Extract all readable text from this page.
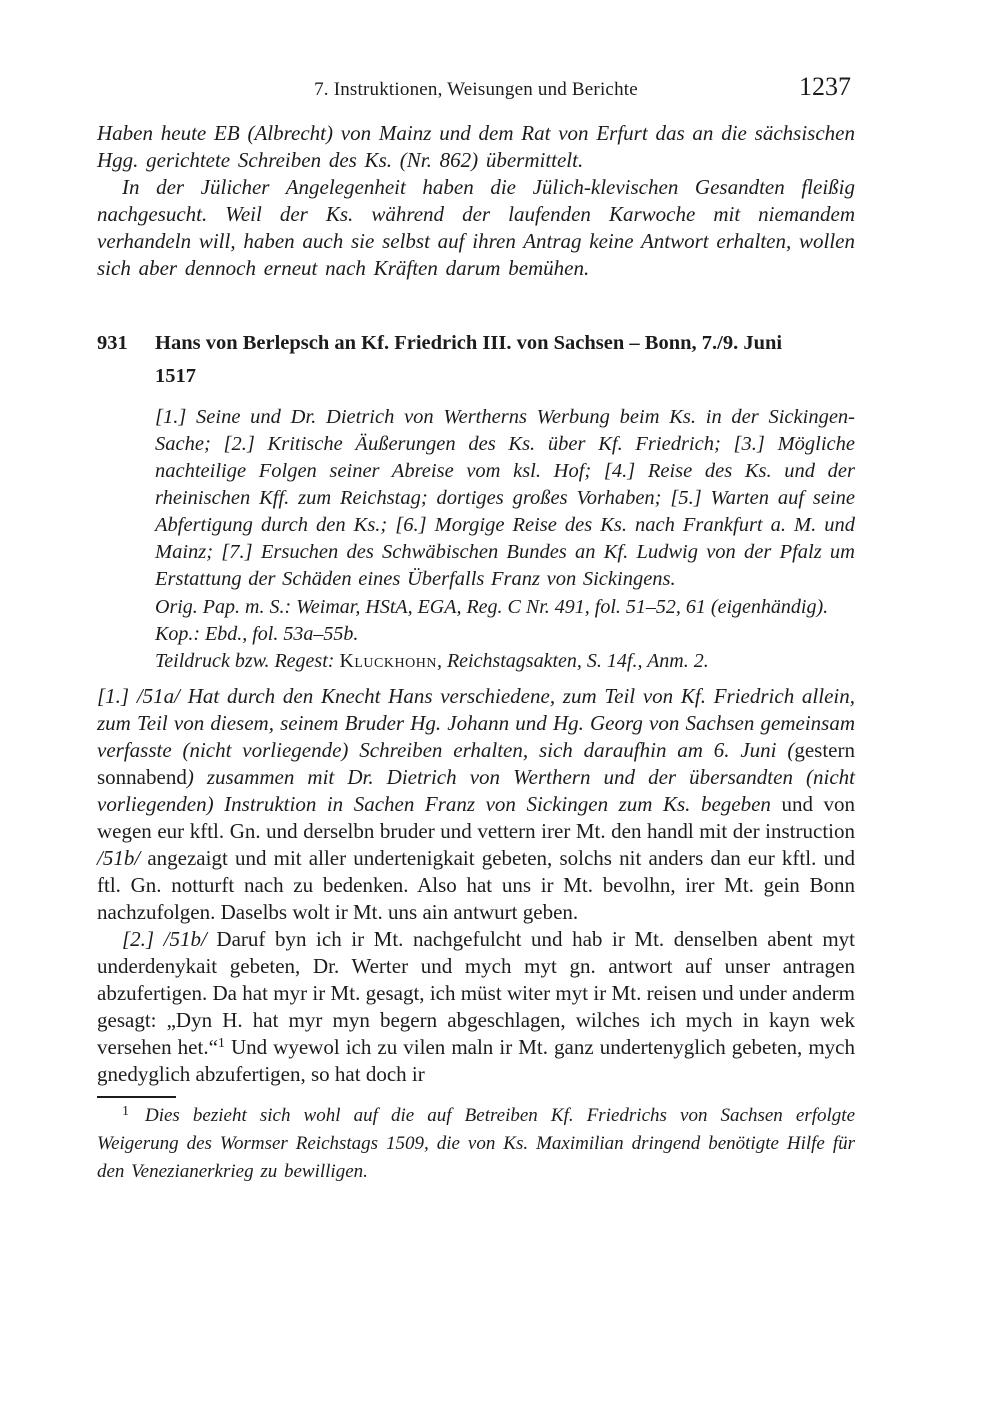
7. Instruktionen, Weisungen und Berichte	1237

Haben heute EB (Albrecht) von Mainz und dem Rat von Erfurt das an die sächsischen Hgg. gerichtete Schreiben des Ks. (Nr. 862) übermittelt.

In der Jülicher Angelegenheit haben die Jülich-klevischen Gesandten fleißig nachgesucht. Weil der Ks. während der laufenden Karwoche mit niemandem verhandeln will, haben auch sie selbst auf ihren Antrag keine Antwort erhalten, wollen sich aber dennoch erneut nach Kräften darum bemühen.

931	Hans von Berlepsch an Kf. Friedrich III. von Sachsen – Bonn, 7./9. Juni
1517
[1.] Seine und Dr. Dietrich von Wertherns Werbung beim Ks. in der Sickingen-Sache; [2.] Kritische Äußerungen des Ks. über Kf. Friedrich; [3.] Mögliche nachteilige Folgen seiner Abreise vom ksl. Hof; [4.] Reise des Ks. und der rheinischen Kff. zum Reichstag; dortiges großes Vorhaben; [5.] Warten auf seine Abfertigung durch den Ks.; [6.] Morgige Reise des Ks. nach Frankfurt a. M. und Mainz; [7.] Ersuchen des Schwäbischen Bundes an Kf. Ludwig von der Pfalz um Erstattung der Schäden eines Überfalls Franz von Sickingens.

Orig. Pap. m. S.: Weimar, HStA, EGA, Reg. C Nr. 491, fol. 51–52, 61 (eigenhändig).

Kop.: Ebd., fol. 53a–55b.

Teildruck bzw. Regest: Kluckhohn, Reichstagsakten, S. 14f., Anm. 2.

[1.] /51a/ Hat durch den Knecht Hans verschiedene, zum Teil von Kf. Friedrich allein, zum Teil von diesem, seinem Bruder Hg. Johann und Hg. Georg von Sachsen gemeinsam verfasste (nicht vorliegende) Schreiben erhalten, sich daraufhin am 6. Juni (gestern sonnabend) zusammen mit Dr. Dietrich von Werthern und der übersandten (nicht vorliegenden) Instruktion in Sachen Franz von Sickingen zum Ks. begeben und von wegen eur kftl. Gn. und derselbn bruder und vettern irer Mt. den handl mit der instruction /51b/ angezaigt und mit aller undertenigkait gebeten, solchs nit anders dan eur kftl. und ftl. Gn. notturft nach zu bedenken. Also hat uns ir Mt. bevolhn, irer Mt. gein Bonn nachzufolgen. Daselbs wolt ir Mt. uns ain antwurt geben.

[2.] /51b/ Daruf byn ich ir Mt. nachgefulcht und hab ir Mt. denselben abent myt underdenykait gebeten, Dr. Werter und mych myt gn. antwort auf unser antragen abzufertigen. Da hat myr ir Mt. gesagt, ich müst witer myt ir Mt. reisen und under anderm gesagt: „Dyn H. hat myr myn begern abgeschlagen, wilches ich mych in kayn wek versehen het.“$^1$ Und wyewol ich zu vilen maln ir Mt. ganz undertenyglich gebeten, mych gnedyglich abzufertigen, so hat doch ir

$^1$ Dies bezieht sich wohl auf die auf Betreiben Kf. Friedrichs von Sachsen erfolgte Weigerung des Wormser Reichstags 1509, die von Ks. Maximilian dringend benötigte Hilfe für den Venezianerkrieg zu bewilligen.
